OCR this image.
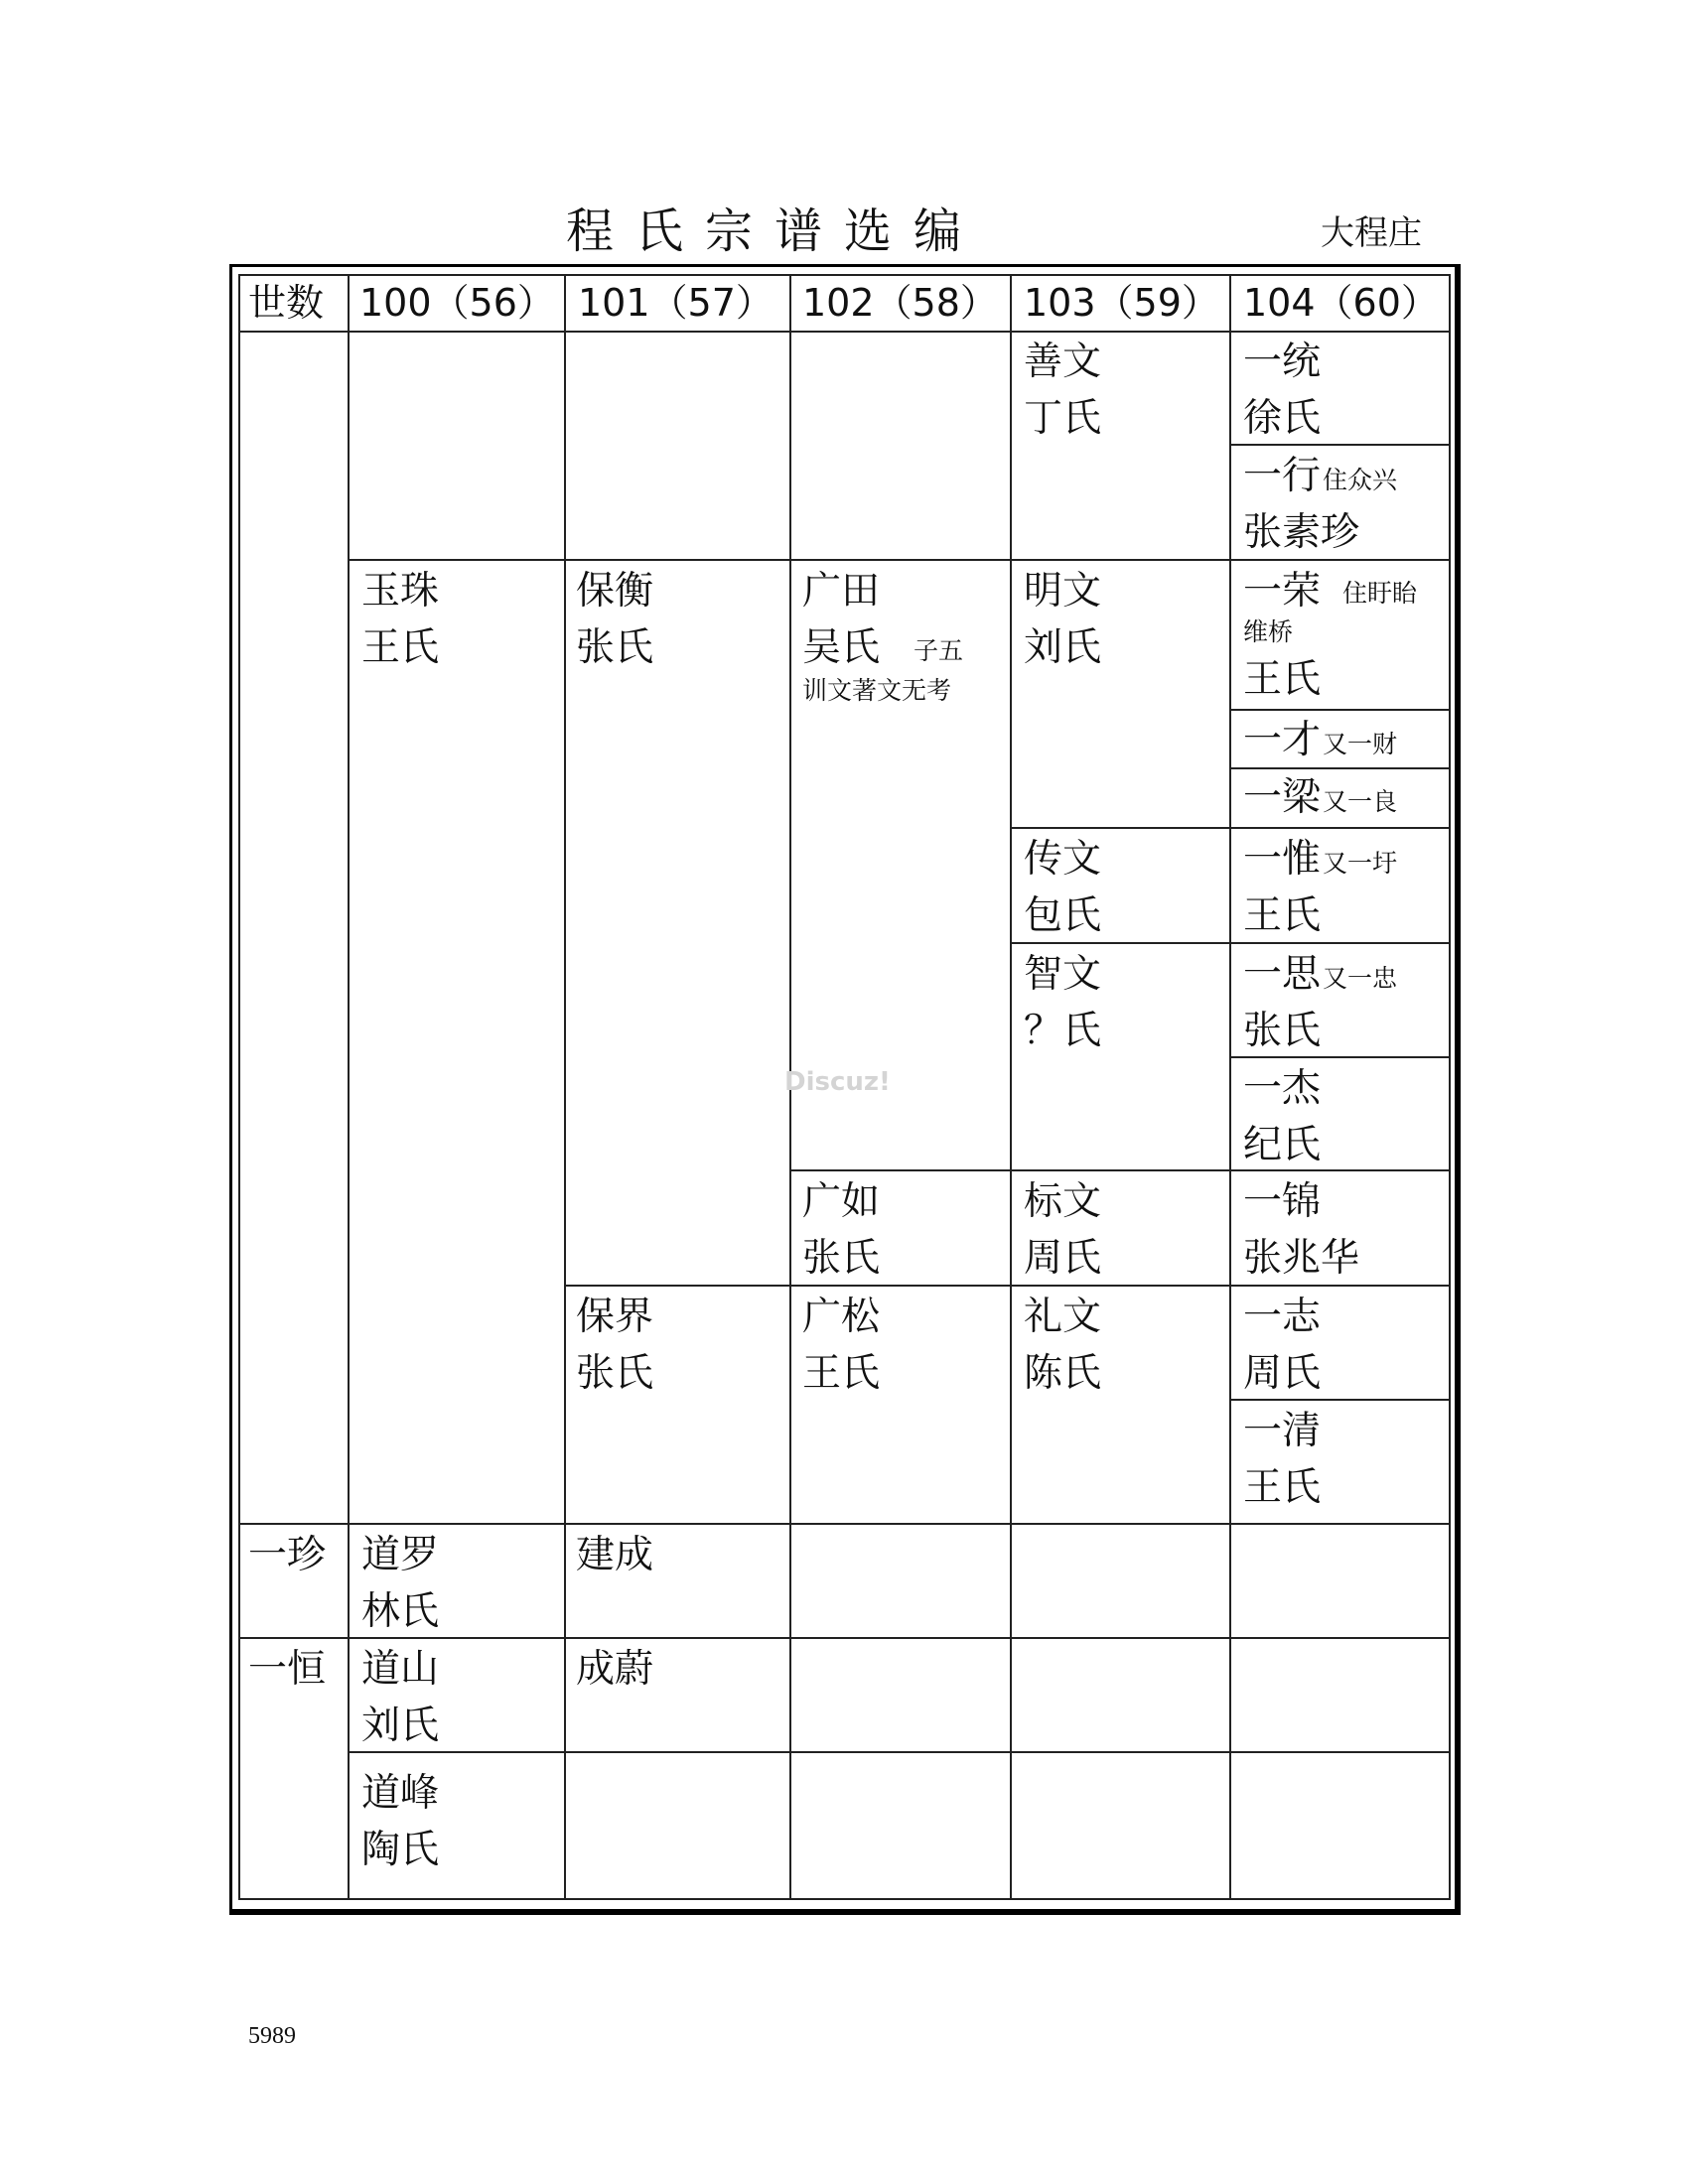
程氏宗谱选编	大程庄
世数 100（56） 101（57） 102（58） 103（59） 104（60）
一珍
一恒
玉珠
王氏
道罗
林氏
道山
刘氏
道峰
陶氏
保衡
张氏
保界
张氏
建成
成蔚
广田
吴氏 子五
训文著文无考
广如
张氏
广松
王氏
善文
丁氏
明文
刘氏
传文
包氏
智文
？氏
标文
周氏
礼文
陈氏
一统
徐氏
一行 住众兴
张素珍
一荣 住盱眙
维桥
王氏
一才 又一财
一梁 又一良
一惟 又一圩
王氏
一思 又一忠
张氏
一杰
纪氏
一锦
张兆华
一志
周氏
一清
王氏
Discuz!
5989
